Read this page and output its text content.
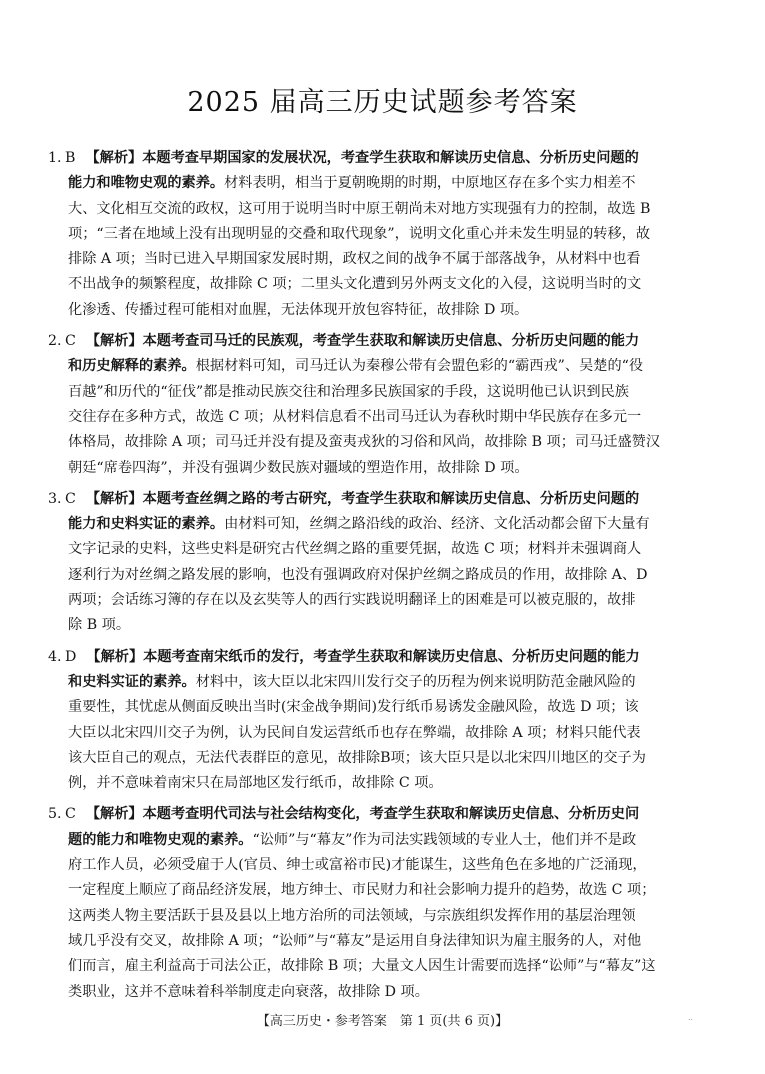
2025 届高三历史试题参考答案
1. B 【解析】本题考查早期国家的发展状况，考查学生获取和解读历史信息、分析历史问题的
能力和唯物史观的素养。材料表明，相当于夏朝晚期的时期，中原地区存在多个实力相差不
大、文化相互交流的政权，这可用于说明当时中原王朝尚未对地方实现强有力的控制，故选 B
项；“三者在地域上没有出现明显的交叠和取代现象”，说明文化重心并未发生明显的转移，故
排除 A 项；当时已进入早期国家发展时期，政权之间的战争不属于部落战争，从材料中也看
不出战争的频繁程度，故排除 C 项；二里头文化遭到另外两支文化的入侵，这说明当时的文
化渗透、传播过程可能相对血腥，无法体现开放包容特征，故排除 D 项。
2. C 【解析】本题考查司马迁的民族观，考查学生获取和解读历史信息、分析历史问题的能力
和历史解释的素养。根据材料可知，司马迁认为秦穆公带有会盟色彩的“霸西戎”、吴楚的“役
百越”和历代的“征伐”都是推动民族交往和治理多民族国家的手段，这说明他已认识到民族
交往存在多种方式，故选 C 项；从材料信息看不出司马迁认为春秋时期中华民族存在多元一
体格局，故排除 A 项；司马迁并没有提及蛮夷戎狄的习俗和风尚，故排除 B 项；司马迁盛赞汉
朝廷“席卷四海”，并没有强调少数民族对疆域的塑造作用，故排除 D 项。
3. C 【解析】本题考查丝绸之路的考古研究，考查学生获取和解读历史信息、分析历史问题的
能力和史料实证的素养。由材料可知，丝绸之路沿线的政治、经济、文化活动都会留下大量有
文字记录的史料，这些史料是研究古代丝绸之路的重要凭据，故选 C 项；材料并未强调商人
逐利行为对丝绸之路发展的影响，也没有强调政府对保护丝绸之路成员的作用，故排除 A、D
两项；会话练习簿的存在以及玄奘等人的西行实践说明翻译上的困难是可以被克服的，故排
除 B 项。
4. D 【解析】本题考查南宋纸币的发行，考查学生获取和解读历史信息、分析历史问题的能力
和史料实证的素养。材料中，该大臣以北宋四川发行交子的历程为例来说明防范金融风险的
重要性，其忧虑从侧面反映出当时(宋金战争期间)发行纸币易诱发金融风险，故选 D 项；该
大臣以北宋四川交子为例，认为民间自发运营纸币也存在弊端，故排除 A 项；材料只能代表
该大臣自己的观点，无法代表群臣的意见，故排除B项；该大臣只是以北宋四川地区的交子为
例，并不意味着南宋只在局部地区发行纸币，故排除 C 项。
5. C 【解析】本题考查明代司法与社会结构变化，考查学生获取和解读历史信息、分析历史问
题的能力和唯物史观的素养。“讼师”与“幕友”作为司法实践领域的专业人士，他们并不是政
府工作人员，必须受雇于人(官员、绅士或富裕市民)才能谋生，这些角色在多地的广泛涌现，
一定程度上顺应了商品经济发展，地方绅士、市民财力和社会影响力提升的趋势，故选 C 项；
这两类人物主要活跃于县及县以上地方治所的司法领域，与宗族组织发挥作用的基层治理领
域几乎没有交叉，故排除 A 项；“讼师”与“幕友”是运用自身法律知识为雇主服务的人，对他
们而言，雇主利益高于司法公正，故排除 B 项；大量文人因生计需要而选择“讼师”与“幕友”这
类职业，这并不意味着科举制度走向衰落，故排除 D 项。
【高三历史・参考答案　第 1 页(共 6 页)】	..
